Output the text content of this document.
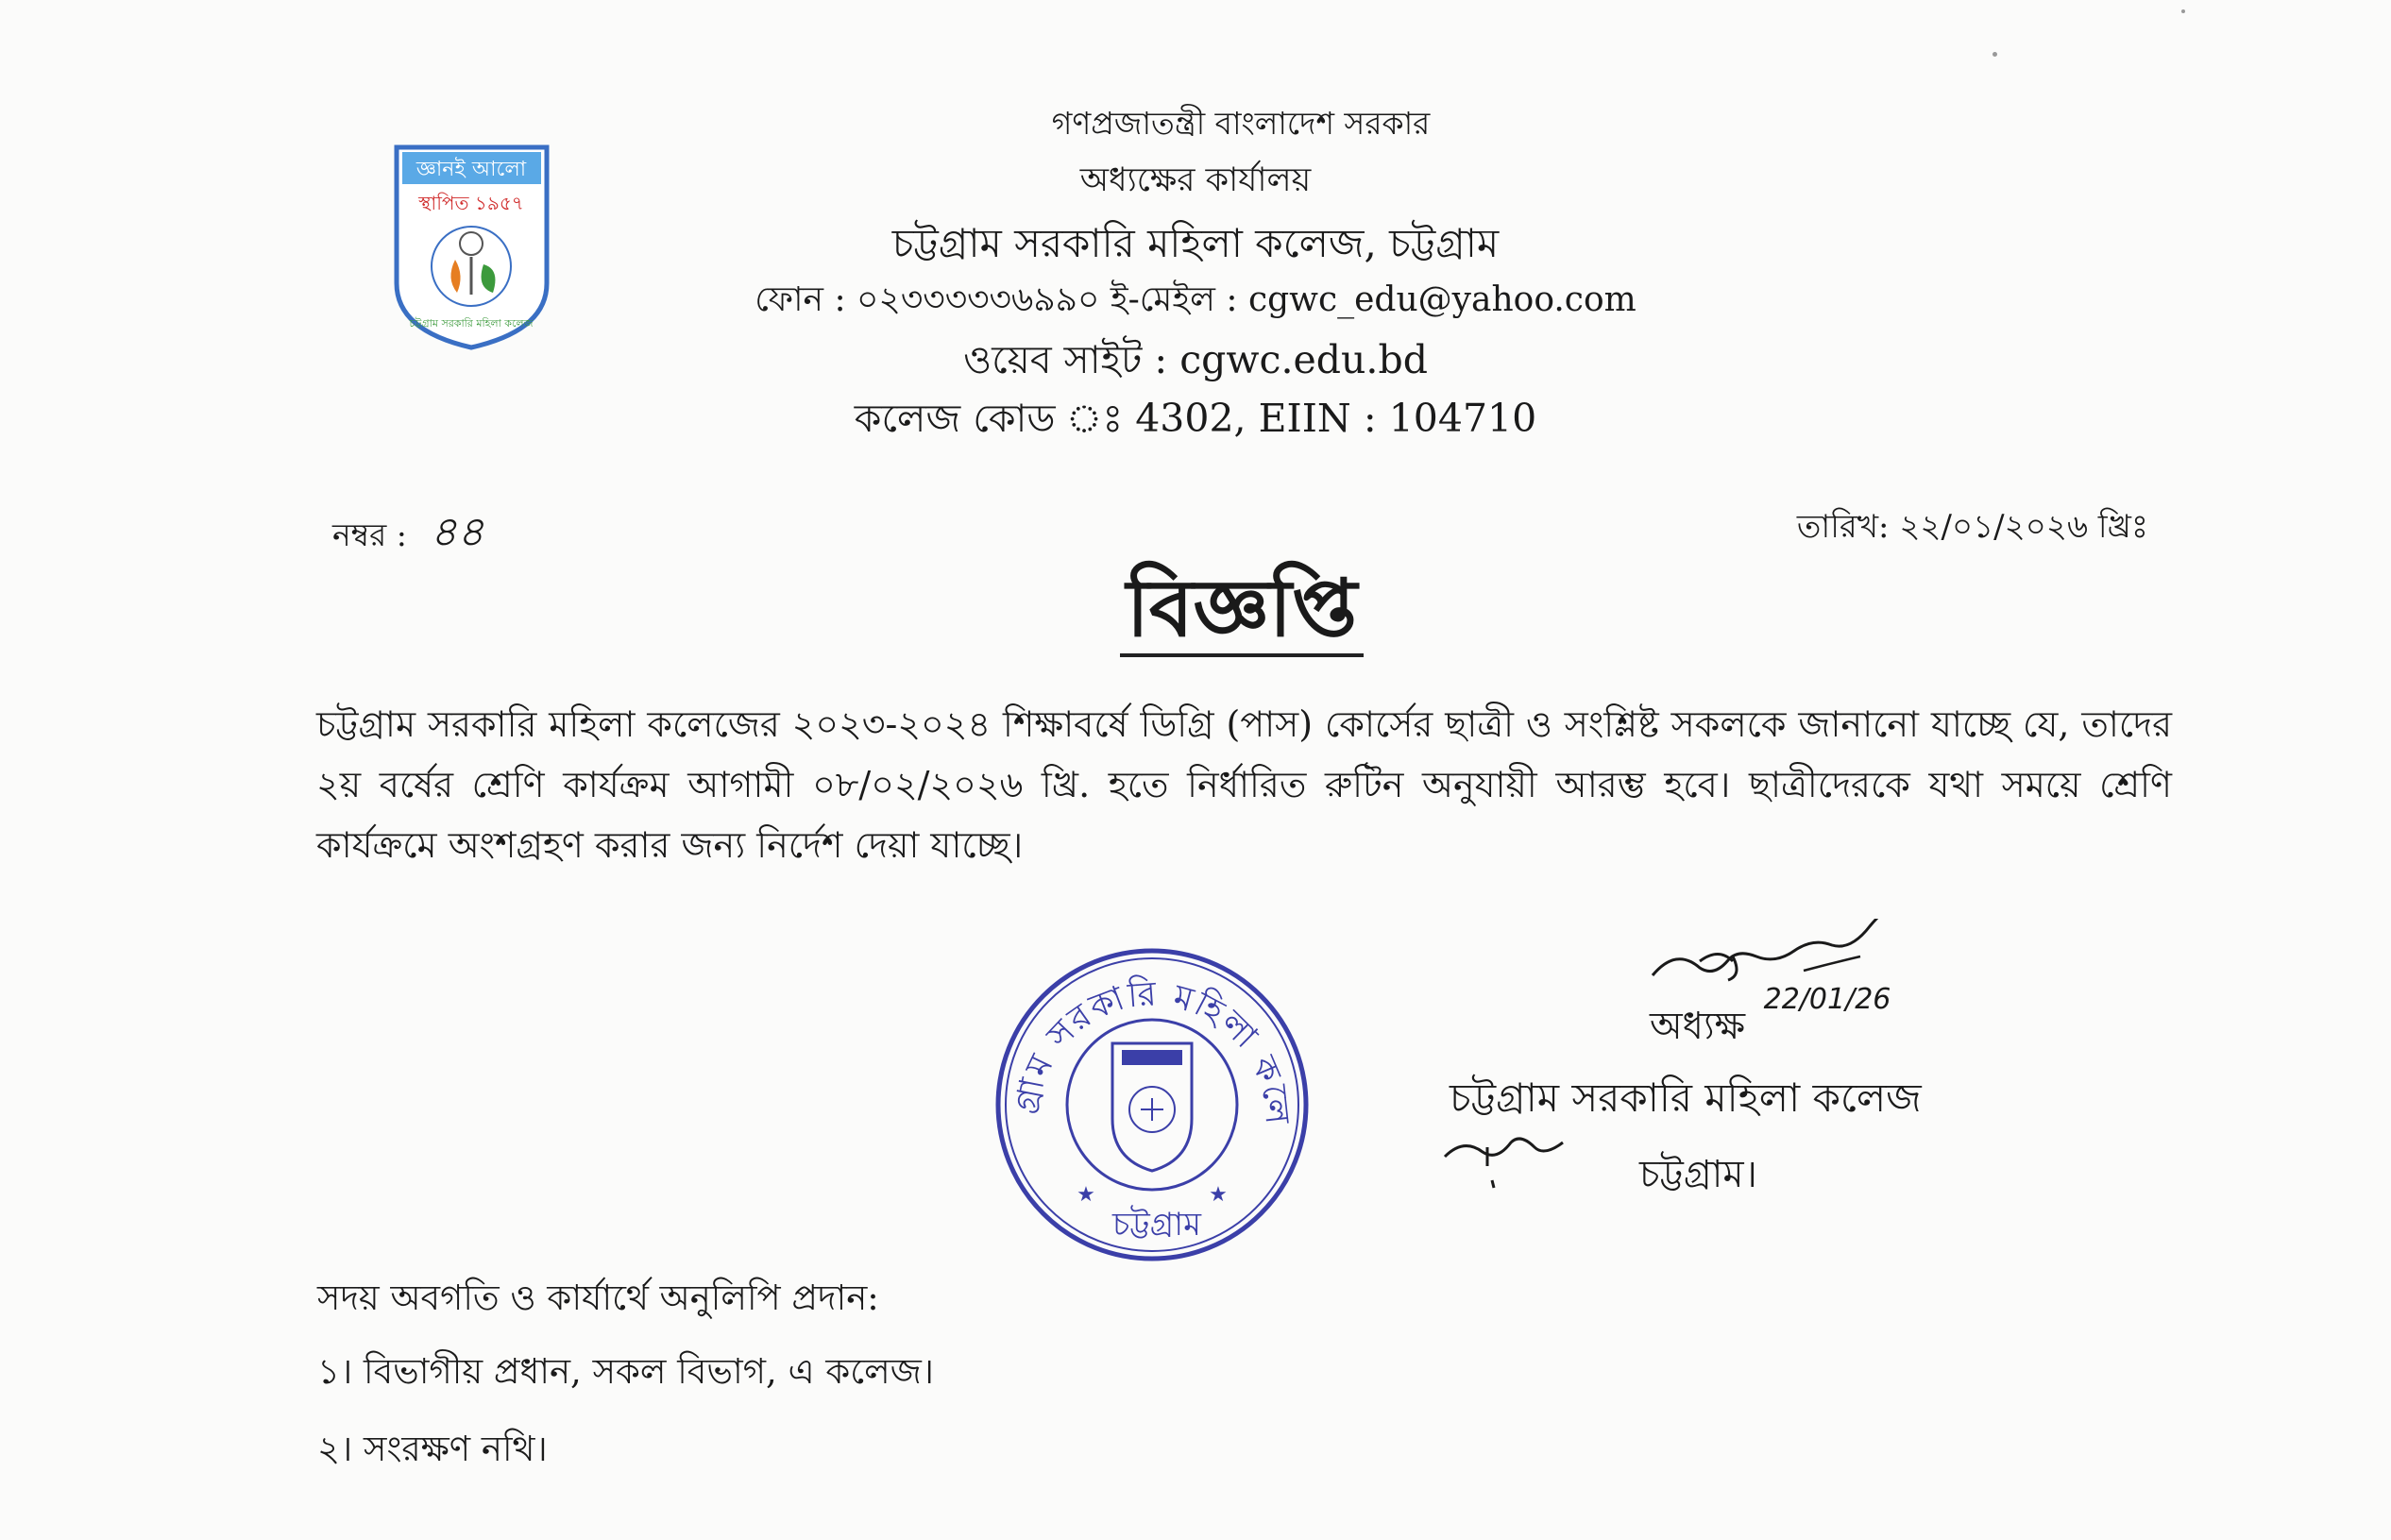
জ্ঞানই আলো
স্থাপিত ১৯৫৭
চট্টগ্রাম সরকারি মহিলা কলেজ
গণপ্রজাতন্ত্রী বাংলাদেশ সরকার
অধ্যক্ষের কার্যালয়
চট্টগ্রাম সরকারি মহিলা কলেজ, চট্টগ্রাম
ফোন : ০২৩৩৩৩৩৬৯৯০ ই-মেইল : cgwc_edu@yahoo.com
ওয়েব সাইট : cgwc.edu.bd
কলেজ কোড ঃ 4302, EIIN : 104710
নম্বর : ৪৪	তারিখ: ২২/০১/২০২৬ খ্রিঃ
বিজ্ঞপ্তি
চট্টগ্রাম সরকারি মহিলা কলেজের ২০২৩-২০২৪ শিক্ষাবর্ষে ডিগ্রি (পাস) কোর্সের ছাত্রী ও সংশ্লিষ্ট সকলকে জানানো যাচ্ছে যে, তাদের ২য় বর্ষের শ্রেণি কার্যক্রম আগামী ০৮/০২/২০২৬ খ্রি. হতে নির্ধারিত রুটিন অনুযায়ী আরম্ভ হবে। ছাত্রীদেরকে যথা সময়ে শ্রেণি কার্যক্রমে অংশগ্রহণ করার জন্য নির্দেশ দেয়া যাচ্ছে।
22/01/26
অধ্যক্ষ
চট্টগ্রাম সরকারি মহিলা কলেজ
চট্টগ্রাম।
গ্রাম সরকারি মহিলা কলে
★	★
চট্টগ্রাম
সদয় অবগতি ও কার্যার্থে অনুলিপি প্রদান:
১। বিভাগীয় প্রধান, সকল বিভাগ, এ কলেজ।
২। সংরক্ষণ নথি।
